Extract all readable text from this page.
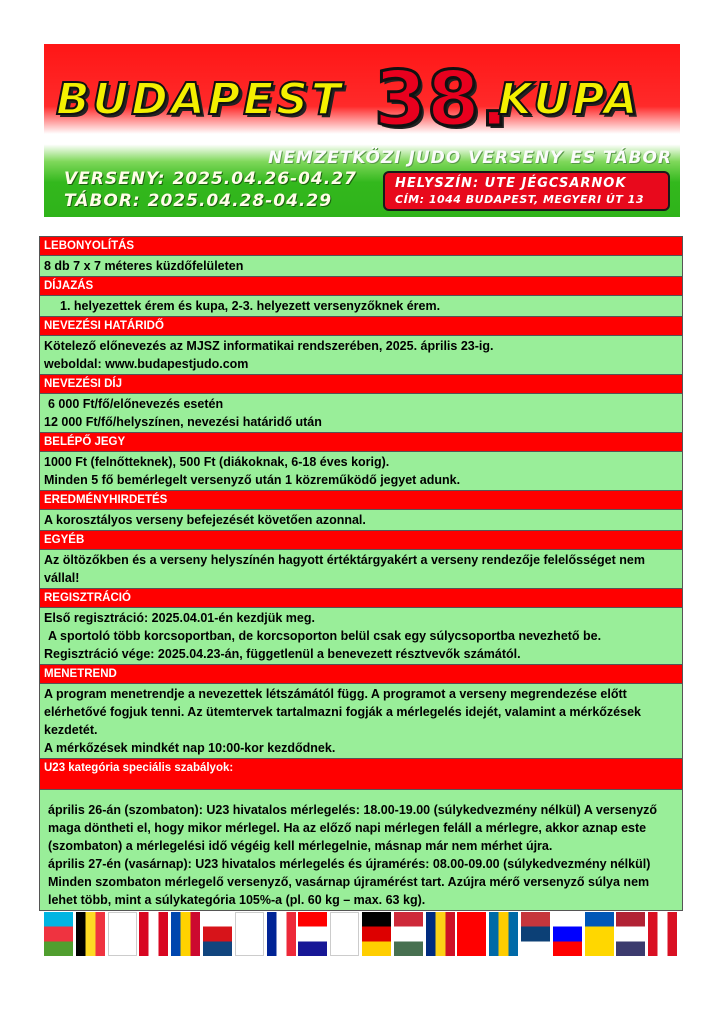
BUDAPEST 38.
KUPA
NEMZETKÖZI JUDO VERSENY ES TÁBOR
VERSENY: 2025.04.26-04.27
TÁBOR: 2025.04.28-04.29
HELYSZÍN: UTE JÉGCSARNOK
CÍM: 1044 BUDAPEST, MEGYERI ÚT 13
LEBONYOLÍTÁS
8 db 7 x 7 méteres küzdőfelületen
DÍJAZÁS
1. helyezettek érem és kupa, 2-3. helyezett versenyzőknek érem.
NEVEZÉSI HATÁRIDŐ
Kötelező előnevezés az MJSZ informatikai rendszerében, 2025. április 23-ig.
weboldal: www.budapestjudo.com
NEVEZÉSI DÍJ
6 000 Ft/fő/előnevezés esetén
12 000 Ft/fő/helyszínen, nevezési határidő után
BELÉPŐ JEGY
1000 Ft (felnőtteknek), 500 Ft (diákoknak, 6-18 éves korig).
Minden 5 fő bemérlegelt versenyző után 1 közreműködő jegyet adunk.
EREDMÉNYHIRDETÉS
A korosztályos verseny befejezését követően azonnal.
EGYÉB
Az öltözőkben és a verseny helyszínén hagyott értéktárgyakért a verseny rendezője felelősséget nem vállal!
REGISZTRÁCIÓ
Első regisztráció: 2025.04.01-én kezdjük meg.
A sportoló több korcsoportban, de korcsoporton belül csak egy súlycsoportba nevezhető be.
Regisztráció vége: 2025.04.23-án, függetlenül a benevezett résztvevők számától.
MENETREND
A program menetrendje a nevezettek létszámától függ. A programot a verseny megrendezése előtt elérhetővé fogjuk tenni. Az ütemtervek tartalmazni fogják a mérlegelés idejét, valamint a mérkőzések kezdetét.
A mérkőzések mindkét nap 10:00-kor kezdődnek.
U23 kategória speciális szabályok:
április 26-án (szombaton): U23 hivatalos mérlegelés: 18.00-19.00 (súlykedvezmény nélkül) A versenyző maga döntheti el, hogy mikor mérlegel. Ha az előző napi mérlegen feláll a mérlegre, akkor aznap este (szombaton) a mérlegelési idő végéig kell mérlegelnie, másnap már nem mérhet újra.
április 27-én (vasárnap): U23 hivatalos mérlegelés és újramérés: 08.00-09.00 (súlykedvezmény nélkül) Minden szombaton mérlegelő versenyző, vasárnap újramérést tart. Azújra mérő versenyző súlya nem lehet több, mint a súlykategória 105%-a (pl. 60 kg – max. 63 kg).
